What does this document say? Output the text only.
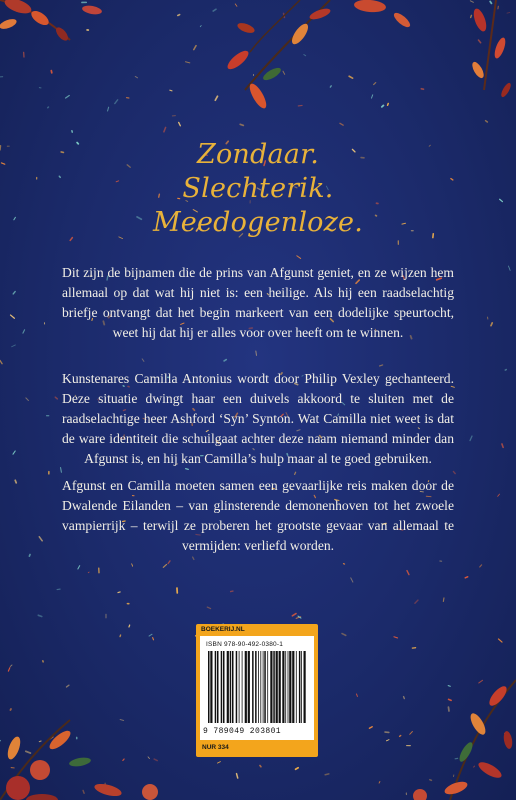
Zondaar.
Slechterik.
Meedogenloze.

Dit zijn de bijnamen die de prins van Afgunst geniet, en ze wijzen hem allemaal op dat wat hij niet is: een heilige. Als hij een raadselachtig briefje ontvangt dat het begin markeert van een dodelijke speurtocht, weet hij dat hij er alles voor over heeft om te winnen.

Kunstenares Camilla Antonius wordt door Philip Vexley gechanteerd. Deze situatie dwingt haar een duivels akkoord te sluiten met de raadselachtige heer Ashford ‘Syn’ Synton. Wat Camilla niet weet is dat de ware identiteit die schuilgaat achter deze naam niemand minder dan Afgunst is, en hij kan Camilla’s hulp maar al te goed gebruiken.

Afgunst en Camilla moeten samen een gevaarlijke reis maken door de Dwalende Eilanden – van glinsterende demonenhoven tot het zwoele vampierrijk – terwijl ze proberen het grootste gevaar van allemaal te vermijden: verliefd worden.

BOEKERIJ.NL
ISBN 978-90-492-0380-1
9 789049 203801
NUR 334
